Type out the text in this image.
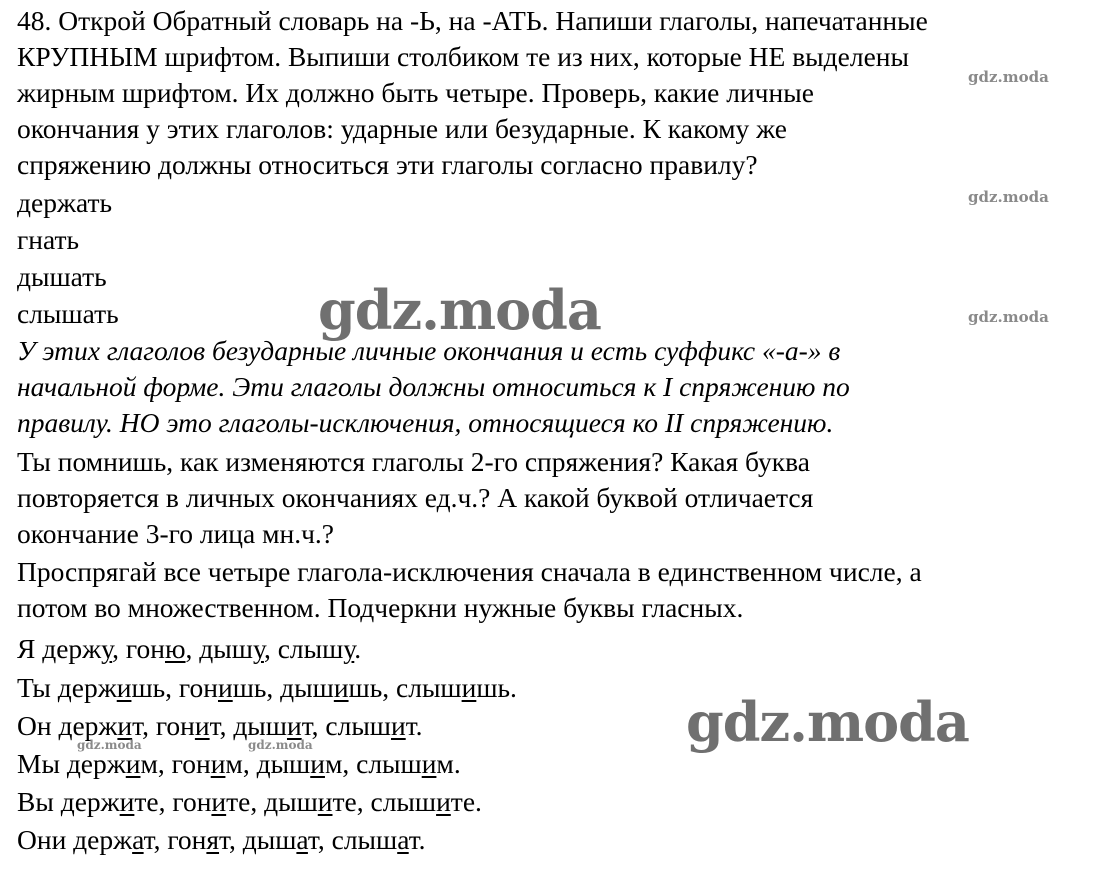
48. Открой Обратный словарь на -Ь, на -АТЬ. Напиши глаголы, напечатанные
КРУПНЫМ шрифтом. Выпиши столбиком те из них, которые НЕ выделены
жирным шрифтом. Их должно быть четыре. Проверь, какие личные
окончания у этих глаголов: ударные или безударные. К какому же
спряжению должны относиться эти глаголы согласно правилу?
держать
гнать
дышать
слышать
У этих глаголов безударные личные окончания и есть суффикс «-а-» в
начальной форме. Эти глаголы должны относиться к I спряжению по
правилу. НО это глаголы-исключения, относящиеся ко II спряжению.
Ты помнишь, как изменяются глаголы 2-го спряжения? Какая буква
повторяется в личных окончаниях ед.ч.? А какой буквой отличается
окончание 3-го лица мн.ч.?
Проспрягай все четыре глагола-исключения сначала в единственном числе, а
потом во множественном. Подчеркни нужные буквы гласных.
Я держу, гоню, дышу, слышу.
Ты держишь, гонишь, дышишь, слышишь.
Он держит, гонит, дышит, слышит.
Мы держим, гоним, дышим, слышим.
Вы держите, гоните, дышите, слышите.
Они держат, гонят, дышат, слышат.
gdz.moda
gdz.moda
gdz.moda
gdz.moda	gdz.moda
gdz.moda
gdz.moda
